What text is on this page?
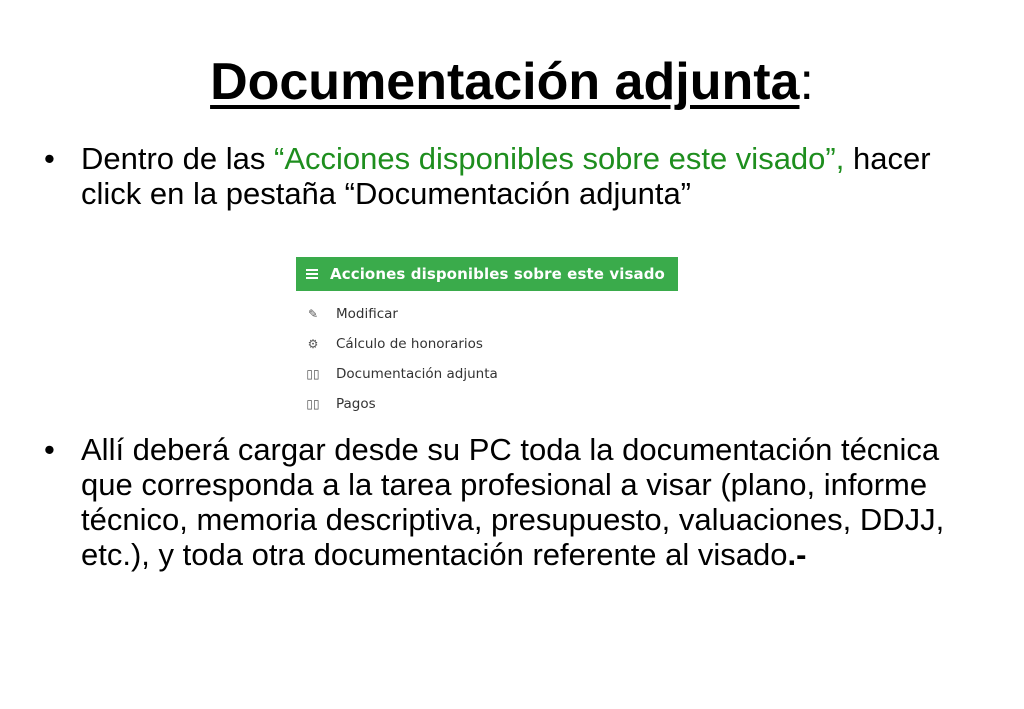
Documentación adjunta:
• Dentro de las “Acciones disponibles sobre este visado”, hacer click en la pestaña “Documentación adjunta”
Acciones disponibles sobre este visado
✎ Modificar
⚙ Cálculo de honorarios
▯▯ Documentación adjunta
▯▯ Pagos
• Allí deberá cargar desde su PC toda la documentación técnica que corresponda a la tarea profesional a visar (plano, informe técnico, memoria descriptiva, presupuesto, valuaciones, DDJJ, etc.), y toda otra documentación referente al visado.-
